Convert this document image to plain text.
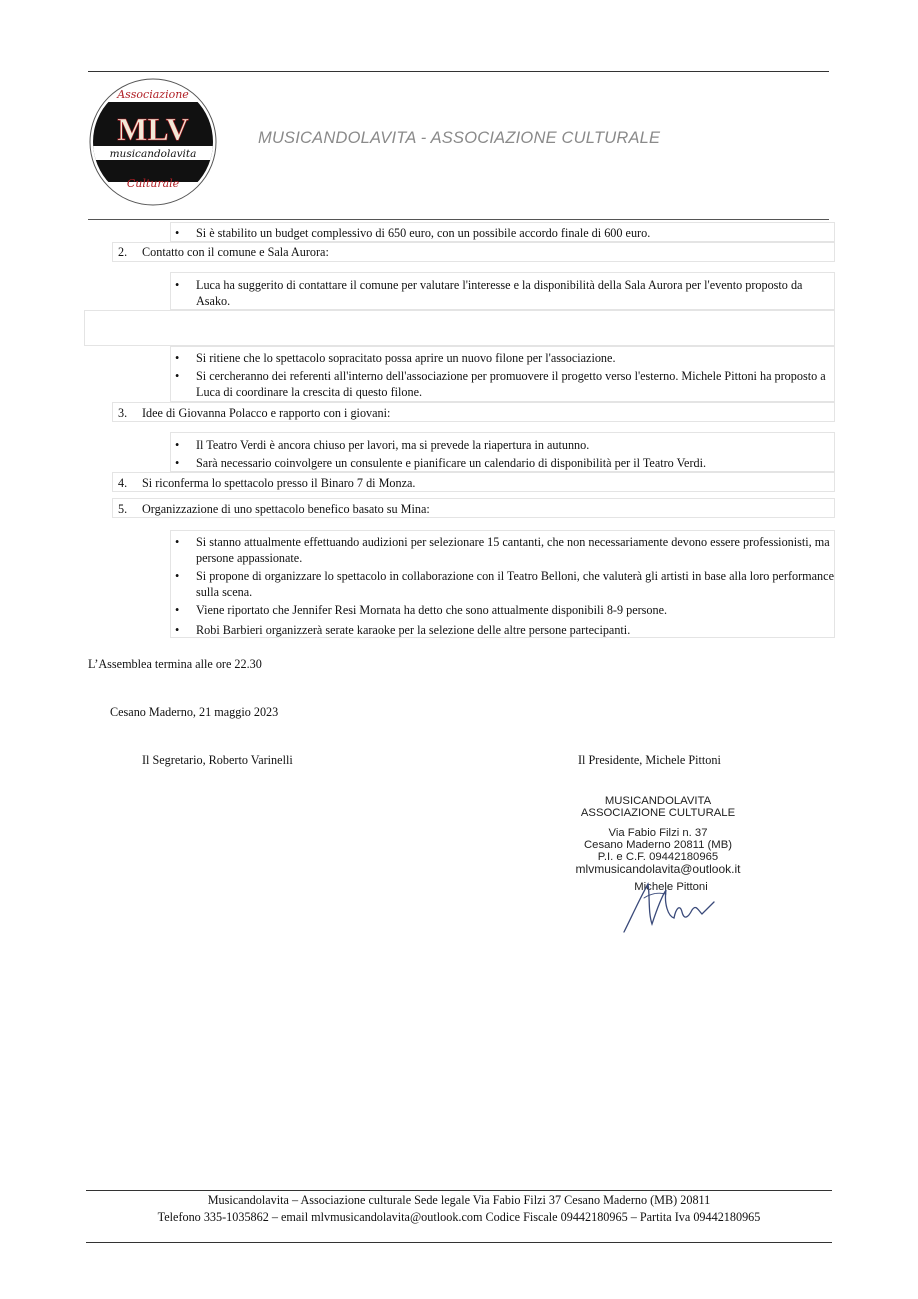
Associazione
MLV
musicandolavita
Culturale
MUSICANDOLAVITA - ASSOCIAZIONE CULTURALE
• Si è stabilito un budget complessivo di 650 euro, con un possibile accordo finale di 600 euro.
2. Contatto con il comune e Sala Aurora:
• Luca ha suggerito di contattare il comune per valutare l'interesse e la disponibilità della Sala Aurora per l'evento proposto da Asako.
• Si ritiene che lo spettacolo sopracitato possa aprire un nuovo filone per l'associazione.
• Si cercheranno dei referenti all'interno dell'associazione per promuovere il progetto verso l'esterno. Michele Pittoni ha proposto a Luca di coordinare la crescita di questo filone.
3. Idee di Giovanna Polacco e rapporto con i giovani:
• Il Teatro Verdi è ancora chiuso per lavori, ma si prevede la riapertura in autunno.
• Sarà necessario coinvolgere un consulente e pianificare un calendario di disponibilità per il Teatro Verdi.
4. Si riconferma lo spettacolo presso il Binaro 7 di Monza.
5. Organizzazione di uno spettacolo benefico basato su Mina:
• Si stanno attualmente effettuando audizioni per selezionare 15 cantanti, che non necessariamente devono essere professionisti, ma persone appassionate.
• Si propone di organizzare lo spettacolo in collaborazione con il Teatro Belloni, che valuterà gli artisti in base alla loro performance sulla scena.
• Viene riportato che Jennifer Resi Mornata ha detto che sono attualmente disponibili 8-9 persone.
• Robi Barbieri organizzerà serate karaoke per la selezione delle altre persone partecipanti.
L’Assemblea termina alle ore 22.30
Cesano Maderno, 21 maggio 2023
Il Segretario, Roberto Varinelli	Il Presidente, Michele Pittoni
MUSICANDOLAVITA
ASSOCIAZIONE CULTURALE
Via Fabio Filzi n. 37
Cesano Maderno 20811 (MB)
P.I. e C.F. 09442180965
mlvmusicandolavita@outlook.it
Michele Pittoni
Musicandolavita – Associazione culturale Sede legale Via Fabio Filzi 37 Cesano Maderno (MB) 20811
Telefono 335-1035862 – email mlvmusicandolavita@outlook.com Codice Fiscale 09442180965 – Partita Iva 09442180965
